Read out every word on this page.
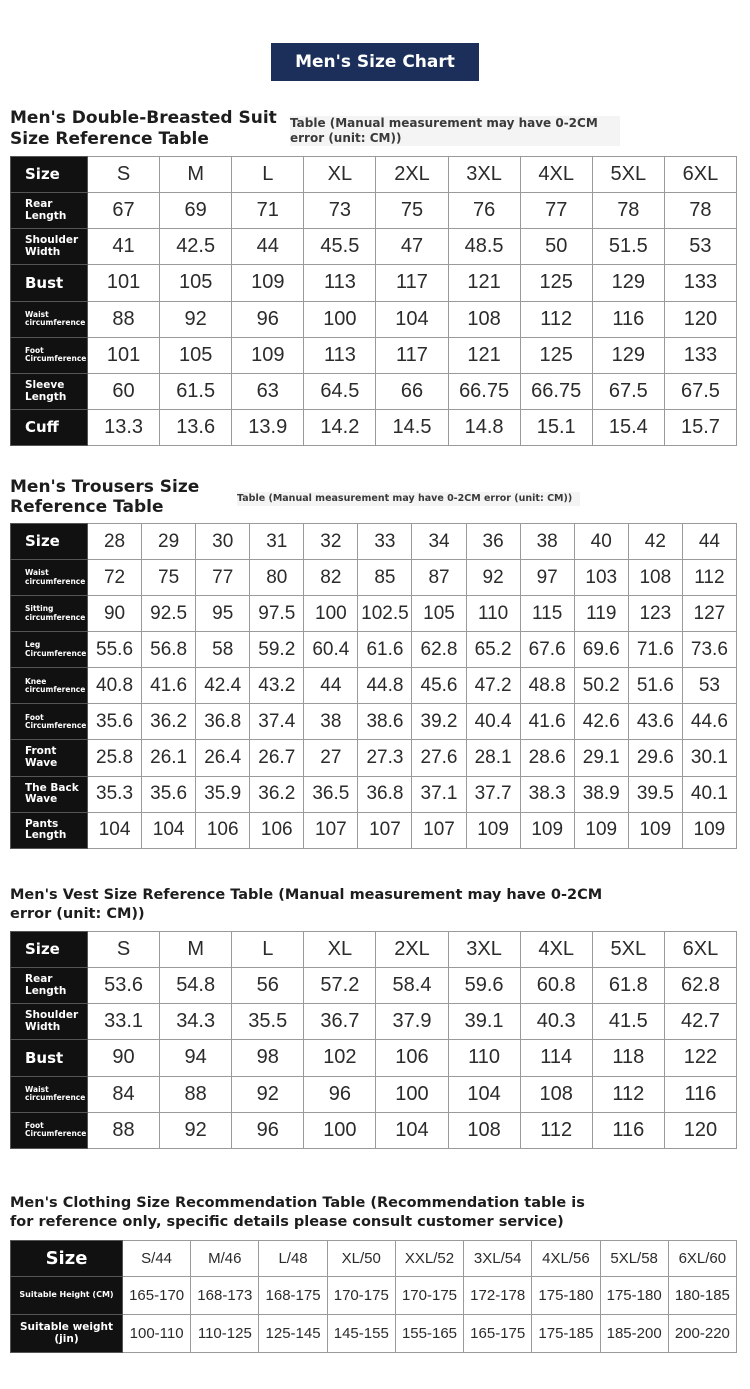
Men's Size Chart
Men's Double-Breasted Suit
Size Reference Table
Table (Manual measurement may have 0-2CM
error (unit: CM))
Size	S	M	L	XL	2XL	3XL	4XL	5XL	6XL
Rear Length	67	69	71	73	75	76	77	78	78
Shoulder Width	41	42.5	44	45.5	47	48.5	50	51.5	53
Bust	101	105	109	113	117	121	125	129	133
Waist circumference	88	92	96	100	104	108	112	116	120
Foot Circumference	101	105	109	113	117	121	125	129	133
Sleeve Length	60	61.5	63	64.5	66	66.75	66.75	67.5	67.5
Cuff	13.3	13.6	13.9	14.2	14.5	14.8	15.1	15.4	15.7
Men's Trousers Size
Reference Table	Table (Manual measurement may have 0-2CM error (unit: CM))
Size	28	29	30	31	32	33	34	36	38	40	42	44
Waist circumference	72	75	77	80	82	85	87	92	97	103	108	112
Sitting circumference	90	92.5	95	97.5	100	102.5	105	110	115	119	123	127
Leg Circumference	55.6	56.8	58	59.2	60.4	61.6	62.8	65.2	67.6	69.6	71.6	73.6
Knee circumference	40.8	41.6	42.4	43.2	44	44.8	45.6	47.2	48.8	50.2	51.6	53
Foot Circumference	35.6	36.2	36.8	37.4	38	38.6	39.2	40.4	41.6	42.6	43.6	44.6
Front Wave	25.8	26.1	26.4	26.7	27	27.3	27.6	28.1	28.6	29.1	29.6	30.1
The Back Wave	35.3	35.6	35.9	36.2	36.5	36.8	37.1	37.7	38.3	38.9	39.5	40.1
Pants Length	104	104	106	106	107	107	107	109	109	109	109	109
Men's Vest Size Reference Table (Manual measurement may have 0-2CM
error (unit: CM))
Size	S	M	L	XL	2XL	3XL	4XL	5XL	6XL
Rear Length	53.6	54.8	56	57.2	58.4	59.6	60.8	61.8	62.8
Shoulder Width	33.1	34.3	35.5	36.7	37.9	39.1	40.3	41.5	42.7
Bust	90	94	98	102	106	110	114	118	122
Waist circumference	84	88	92	96	100	104	108	112	116
Foot Circumference	88	92	96	100	104	108	112	116	120
Men's Clothing Size Recommendation Table (Recommendation table is
for reference only, specific details please consult customer service)
Size	S/44	M/46	L/48	XL/50	XXL/52	3XL/54	4XL/56	5XL/58	6XL/60
Suitable Height (CM)	165-170	168-173	168-175	170-175	170-175	172-178	175-180	175-180	180-185
Suitable weight (jin)	100-110	110-125	125-145	145-155	155-165	165-175	175-185	185-200	200-220
